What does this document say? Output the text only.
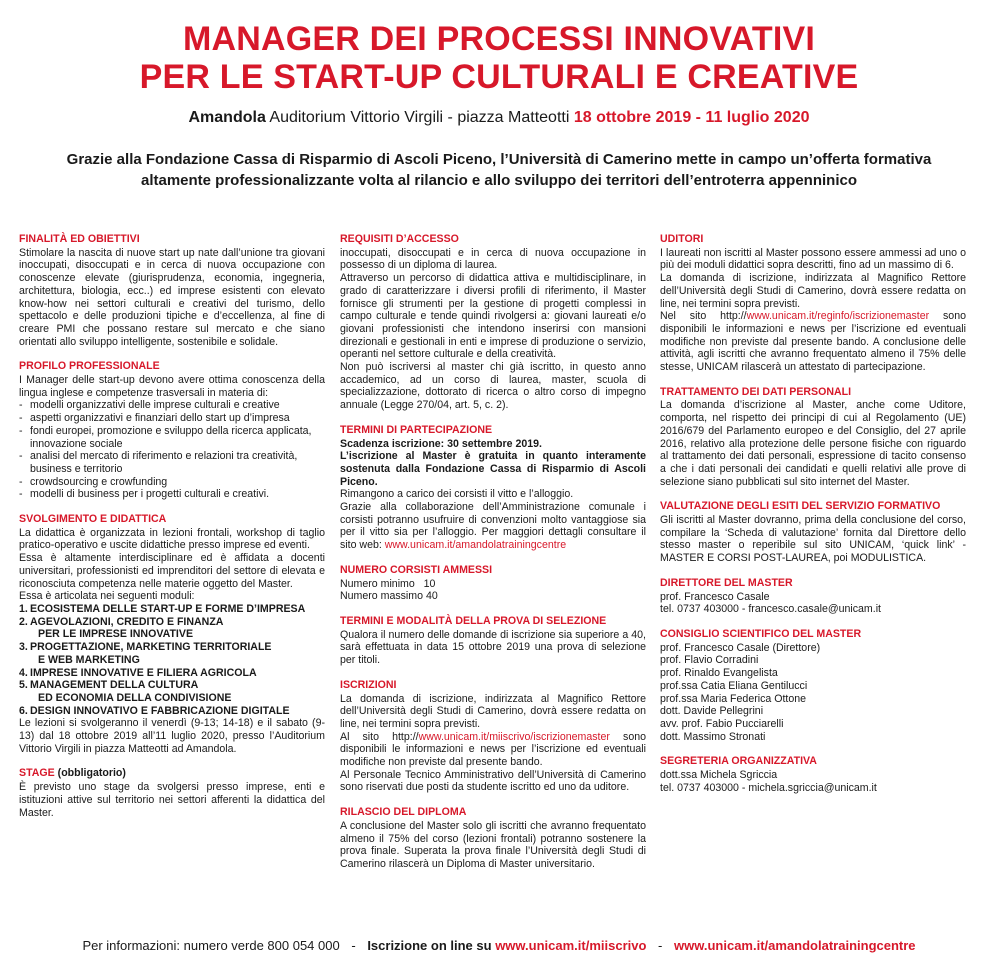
MANAGER DEI PROCESSI INNOVATIVI
PER LE START-UP CULTURALI E CREATIVE
Amandola Auditorium Vittorio Virgili - piazza Matteotti 18 ottobre 2019 - 11 luglio 2020
Grazie alla Fondazione Cassa di Risparmio di Ascoli Piceno, l’Università di Camerino mette in campo un’offerta formativa
altamente professionalizzante volta al rilancio e allo sviluppo dei territori dell’entroterra appenninico
FINALITÀ ED OBIETTIVI

Stimolare la nascita di nuove start up nate dall’unione tra giovani inoccupati, disoccupati e in cerca di nuova occupazione con conoscenze elevate (giurisprudenza, economia, ingegneria, architettura, biologia, ecc..) ed imprese esistenti con elevato know-how nei settori culturali e creativi del turismo, dello spettacolo e delle produzioni tipiche e d’eccellenza, al fine di creare PMI che possano restare sul mercato e che siano orientati allo sviluppo intelligente, sostenibile e solidale.

PROFILO PROFESSIONALE

I Manager delle start-up devono avere ottima conoscenza della lingua inglese e competenze trasversali in materia di:

- modelli organizzativi delle imprese culturali e creative
- aspetti organizzativi e finanziari dello start up d’impresa
- fondi europei, promozione e sviluppo della ricerca applicata, innovazione sociale
- analisi del mercato di riferimento e relazioni tra creatività, business e territorio
- crowdsourcing e crowfunding
- modelli di business per i progetti culturali e creativi.
SVOLGIMENTO E DIDATTICA

La didattica è organizzata in lezioni frontali, workshop di taglio pratico-operativo e uscite didattiche presso imprese ed eventi.

Essa è altamente interdisciplinare ed è affidata a docenti universitari, professionisti ed imprenditori del settore di elevata e riconosciuta competenza nelle materie oggetto del Master.

Essa è articolata nei seguenti moduli:

1. ECOSISTEMA DELLE START-UP E FORME D’IMPRESA
2. AGEVOLAZIONI, CREDITO E FINANZA
PER LE IMPRESE INNOVATIVE
3. PROGETTAZIONE, MARKETING TERRITORIALE
E WEB MARKETING
4. IMPRESE INNOVATIVE E FILIERA AGRICOLA
5. MANAGEMENT DELLA CULTURA
ED ECONOMIA DELLA CONDIVISIONE
6. DESIGN INNOVATIVO E FABBRICAZIONE DIGITALE

Le lezioni si svolgeranno il venerdì (9-13; 14-18) e il sabato (9-13) dal 18 ottobre 2019 all’11 luglio 2020, presso l’Auditorium Vittorio Virgili in piazza Matteotti ad Amandola.

STAGE (obbligatorio)

È previsto uno stage da svolgersi presso imprese, enti e istituzioni attive sul territorio nei settori afferenti la didattica del Master.

REQUISITI D’ACCESSO

inoccupati, disoccupati e in cerca di nuova occupazione in possesso di un diploma di laurea.

Attraverso un percorso di didattica attiva e multidisciplinare, in grado di caratterizzare i diversi profili di riferimento, il Master fornisce gli strumenti per la gestione di progetti complessi in campo culturale e tende quindi rivolgersi a: giovani laureati e/o giovani professionisti che intendono inserirsi con mansioni direzionali e gestionali in enti e imprese di produzione o servizio, operanti nel settore culturale e della creatività.

Non può iscriversi al master chi già iscritto, in questo anno accademico, ad un corso di laurea, master, scuola di specializzazione, dottorato di ricerca o altro corso di impegno annuale (Legge 270/04, art. 5, c. 2).

TERMINI DI PARTECIPAZIONE

Scadenza iscrizione: 30 settembre 2019.

L’iscrizione al Master è gratuita in quanto interamente sostenuta dalla Fondazione Cassa di Risparmio di Ascoli Piceno.

Rimangono a carico dei corsisti il vitto e l’alloggio.

Grazie alla collaborazione dell’Amministrazione comunale i corsisti potranno usufruire di convenzioni molto vantaggiose sia per il vitto sia per l’alloggio. Per maggiori dettagli consultare il sito web: www.unicam.it/amandolatrainingcentre

NUMERO CORSISTI AMMESSI

Numero minimo   10

Numero massimo 40

TERMINI E MODALITÀ DELLA PROVA DI SELEZIONE

Qualora il numero delle domande di iscrizione sia superiore a 40, sarà effettuata in data 15 ottobre 2019 una prova di selezione per titoli.

ISCRIZIONI

La domanda di iscrizione, indirizzata al Magnifico Rettore dell’Università degli Studi di Camerino, dovrà essere redatta on line, nei termini sopra previsti.

Al sito http://www.unicam.it/miiscrivo/iscrizionemaster sono disponibili le informazioni e news per l’iscrizione ed eventuali modifiche non previste dal presente bando.

Al Personale Tecnico Amministrativo dell’Università di Camerino sono riservati due posti da studente iscritto ed uno da uditore.

RILASCIO DEL DIPLOMA

A conclusione del Master solo gli iscritti che avranno frequentato almeno il 75% del corso (lezioni frontali) potranno sostenere la prova finale. Superata la prova finale l’Università degli Studi di Camerino rilascerà un Diploma di Master universitario.

UDITORI

I laureati non iscritti al Master possono essere ammessi ad uno o più dei moduli didattici sopra descritti, fino ad un massimo di 6.

La domanda di iscrizione, indirizzata al Magnifico Rettore dell’Università degli Studi di Camerino, dovrà essere redatta on line, nei termini sopra previsti.

Nel sito http://www.unicam.it/reginfo/iscrizionemaster sono disponibili le informazioni e news per l’iscrizione ed eventuali modifiche non previste dal presente bando. A conclusione delle attività, agli iscritti che avranno frequentato almeno il 75% delle stesse, UNICAM rilascerà un attestato di partecipazione.

TRATTAMENTO DEI DATI PERSONALI

La domanda d’iscrizione al Master, anche come Uditore, comporta, nel rispetto dei principi di cui al Regolamento (UE) 2016/679 del Parlamento europeo e del Consiglio, del 27 aprile 2016, relativo alla protezione delle persone fisiche con riguardo al trattamento dei dati personali, espressione di tacito consenso a che i dati personali dei candidati e quelli relativi alle prove di selezione siano pubblicati sul sito internet del Master.

VALUTAZIONE DEGLI ESITI DEL SERVIZIO FORMATIVO

Gli iscritti al Master dovranno, prima della conclusione del corso, compilare la ‘Scheda di valutazione’ fornita dal Direttore dello stesso master o reperibile sul sito UNICAM, ‘quick link’ - MASTER E CORSI POST-LAUREA, poi MODULISTICA.

DIRETTORE DEL MASTER

prof. Francesco Casale

tel. 0737 403000 - francesco.casale@unicam.it

CONSIGLIO SCIENTIFICO DEL MASTER

prof. Francesco Casale (Direttore)

prof. Flavio Corradini

prof. Rinaldo Evangelista

prof.ssa Catia Eliana Gentilucci

prof.ssa Maria Federica Ottone

dott. Davide Pellegrini

avv. prof. Fabio Pucciarelli

dott. Massimo Stronati

SEGRETERIA ORGANIZZATIVA

dott.ssa Michela Sgriccia

tel. 0737 403000 - michela.sgriccia@unicam.it

Per informazioni: numero verde 800 054 000 - Iscrizione on line su www.unicam.it/miiscrivo - www.unicam.it/amandolatrainingcentre
